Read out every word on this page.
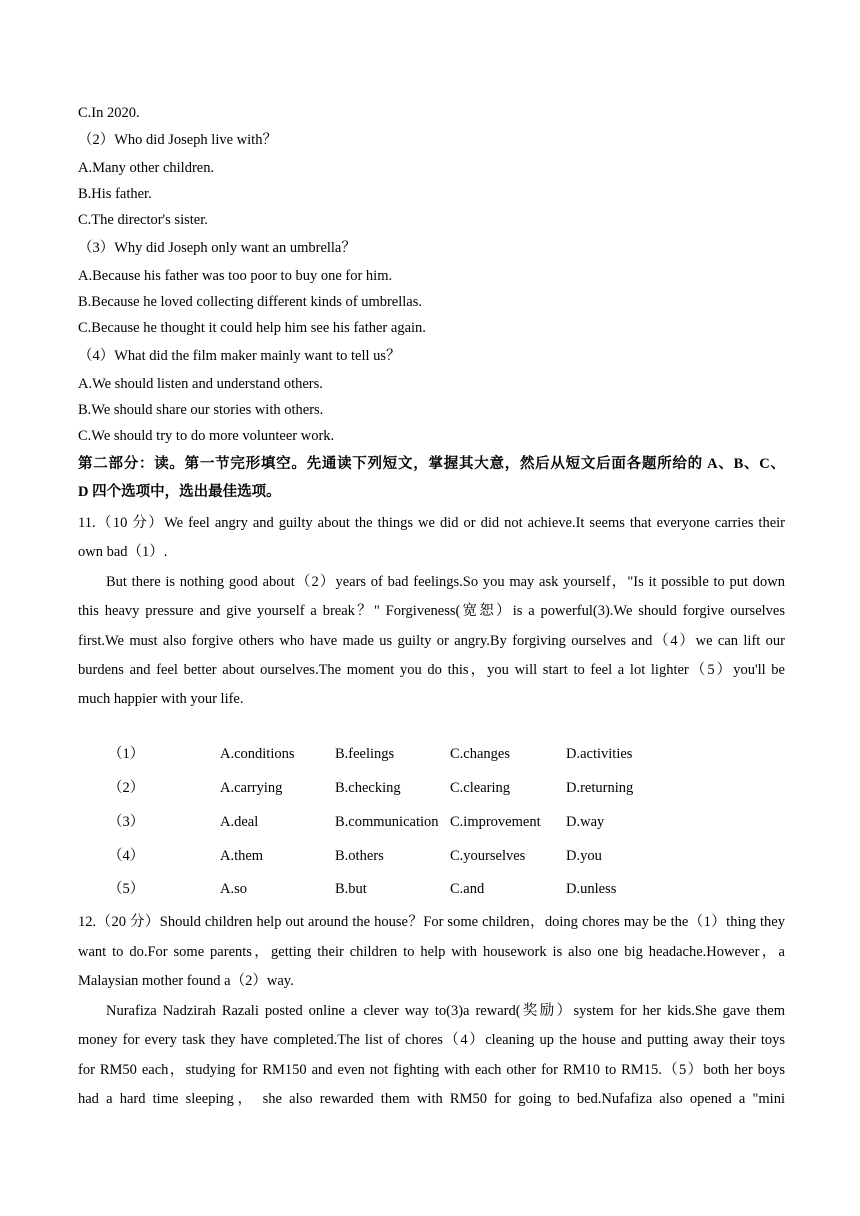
C.In 2020.
（2）Who did Joseph live with？
A.Many other children.
B.His father.
C.The director's sister.
（3）Why did Joseph only want an umbrella？
A.Because his father was too poor to buy one for him.
B.Because he loved collecting different kinds of umbrellas.
C.Because he thought it could help him see his father again.
（4）What did the film maker mainly want to tell us？
A.We should listen and understand others.
B.We should share our stories with others.
C.We should try to do more volunteer work.
第二部分：读。第一节完形填空。先通读下列短文，掌握其大意，然后从短文后面各题所给的 A、B、C、
D 四个选项中，选出最佳选项。
11.（10 分）We feel angry and guilty about the things we did or did not achieve.It seems that everyone carries their
own bad（1）.
But there is nothing good about（2）years of bad feelings.So you may ask yourself，"Is it possible to put down
this heavy pressure and give yourself a break？" Forgiveness(宽恕）is a powerful(3).We should forgive ourselves
first.We must also forgive others who have made us guilty or angry.By forgiving ourselves and（4）we can lift our
burdens and feel better about ourselves.The moment you do this，you will start to feel a lot lighter（5）you'll be
much happier with your life.
（1）	A.conditions	B.feelings	C.changes	D.activities
（2）	A.carrying	B.checking	C.clearing	D.returning
（3）	A.deal	B.communication C.improvement D.way
（4）	A.them	B.others	C.yourselves	D.you
（5）	A.so	B.but	C.and	D.unless
12.（20 分）Should children help out around the house？For some children，doing chores may be the（1）thing they
want to do.For some parents，getting their children to help with housework is also one big headache.However，a
Malaysian mother found a（2）way.
Nurafiza Nadzirah Razali posted online a clever way to(3)a reward(奖励）system for her kids.She gave them
money for every task they have completed.The list of chores（4）cleaning up the house and putting away their toys
for RM50 each，studying for RM150 and even not fighting with each other for RM10 to RM15.（5）both her boys
had a hard time sleeping， she also rewarded them with RM50 for going to bed.Nufafiza also opened a "mini
